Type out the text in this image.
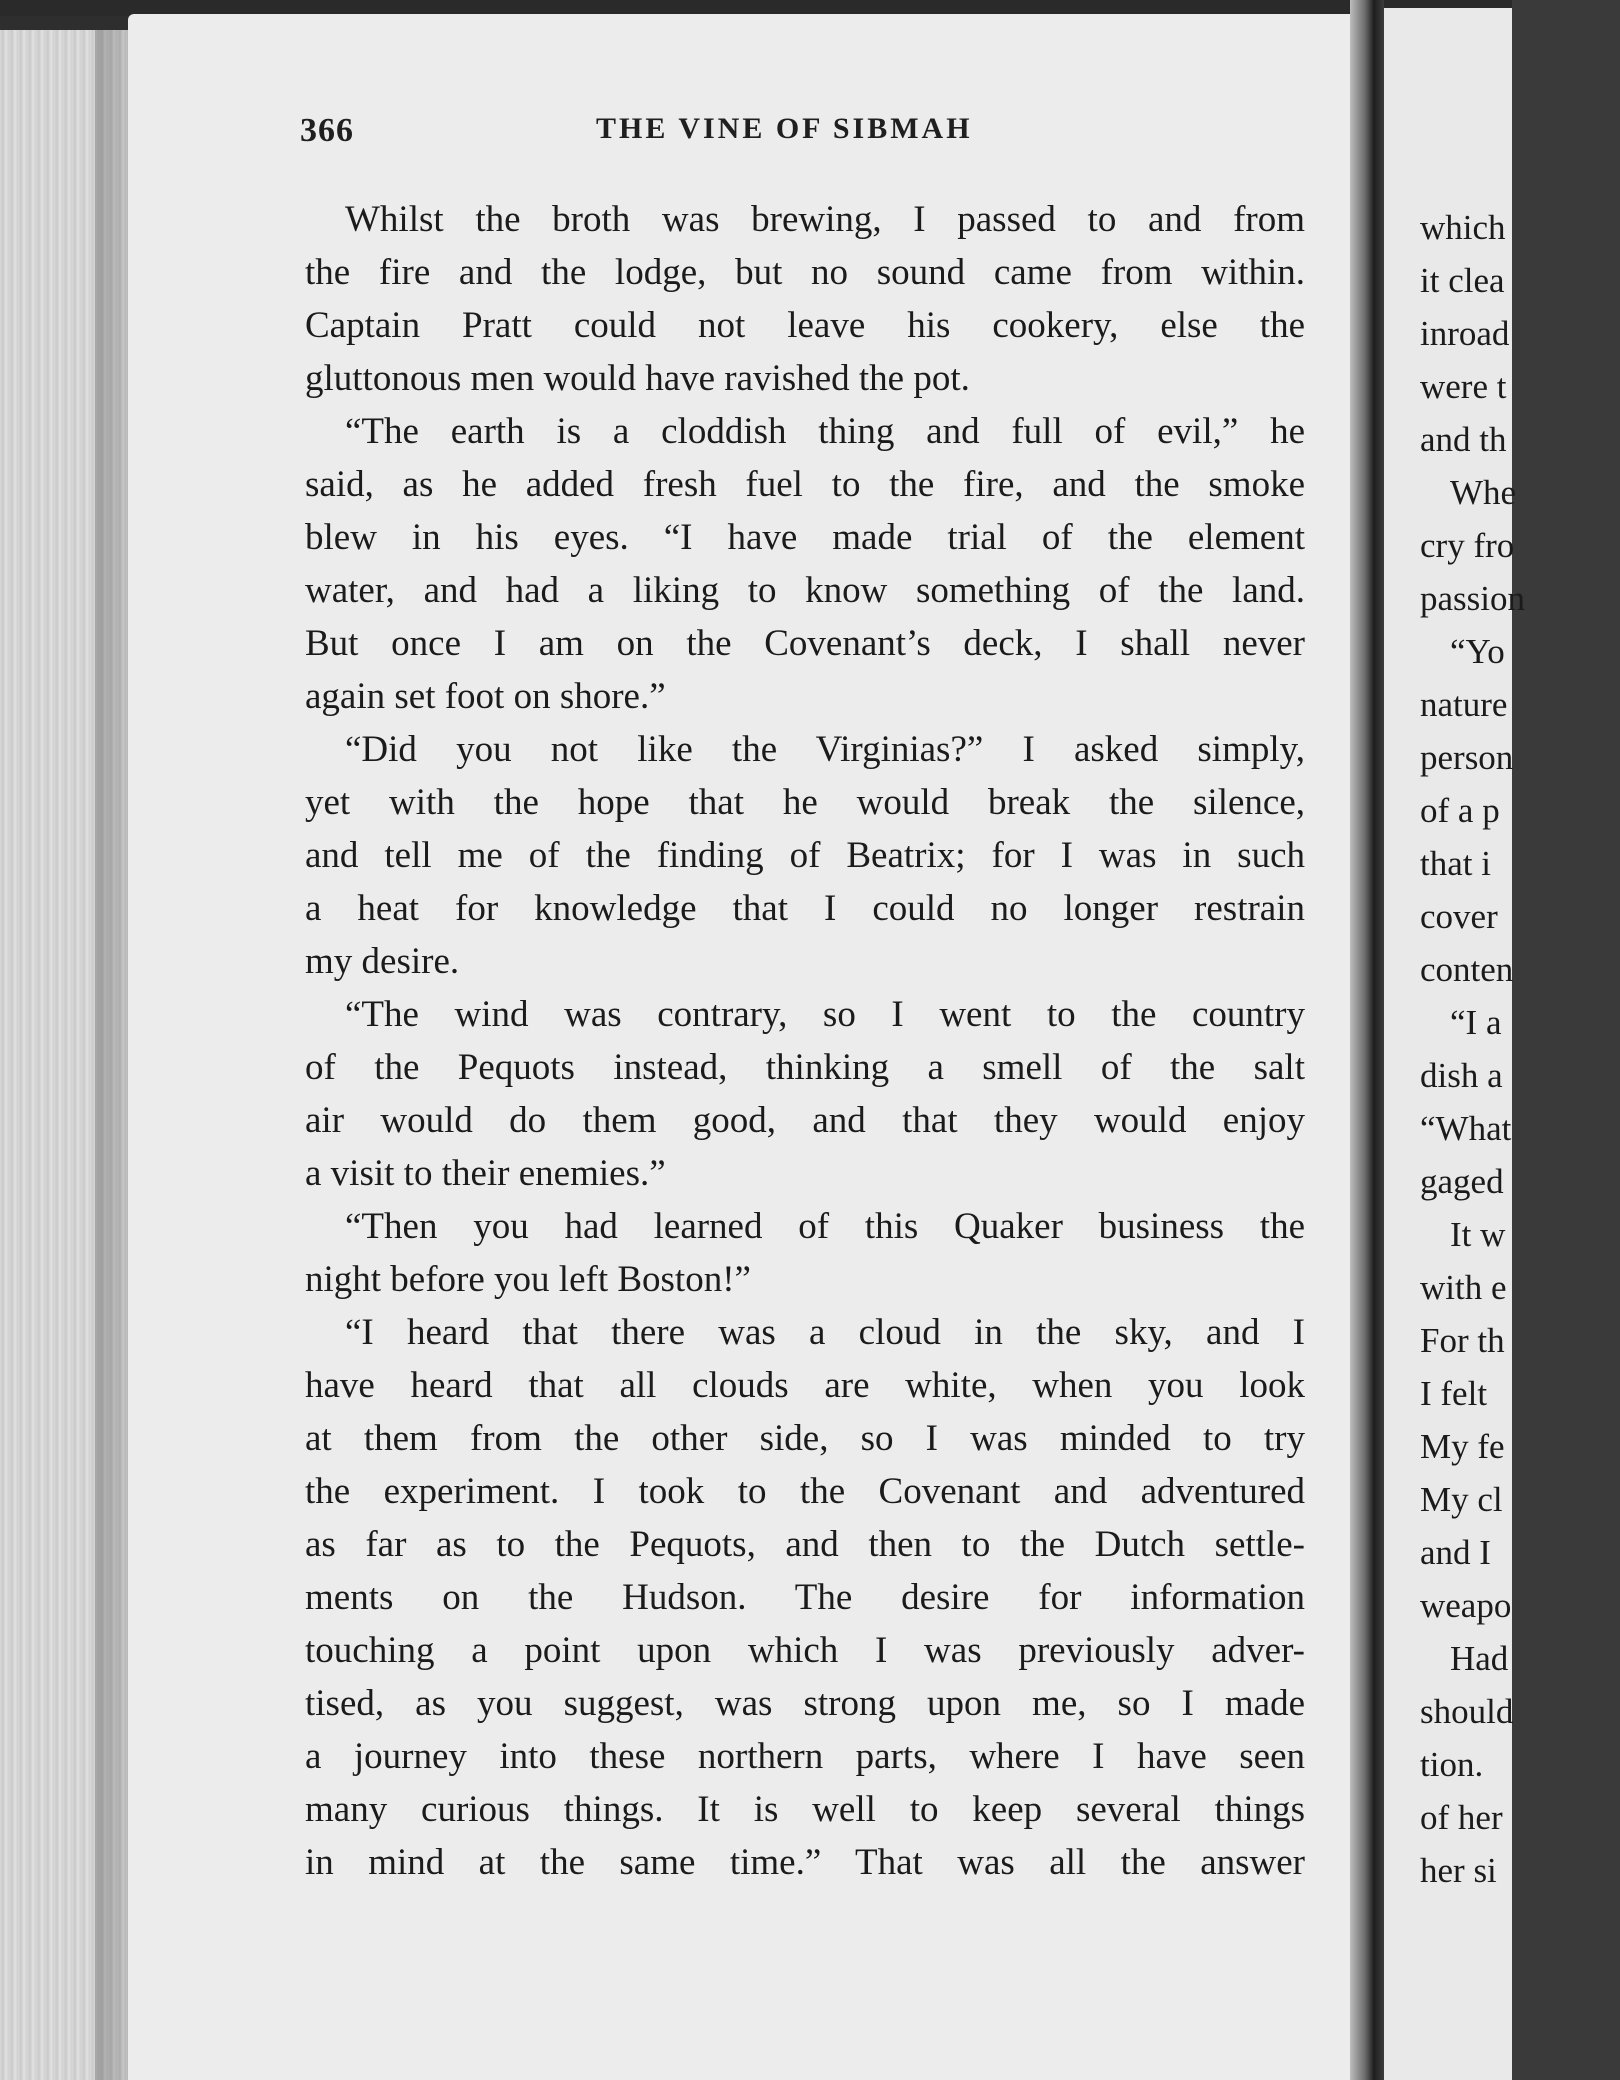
366	THE VINE OF SIBMAH
Whilst the broth was brewing, I passed to and from
the fire and the lodge, but no sound came from within.
Captain Pratt could not leave his cookery, else the
gluttonous men would have ravished the pot.
“The earth is a cloddish thing and full of evil,” he
said, as he added fresh fuel to the fire, and the smoke
blew in his eyes. “I have made trial of the element
water, and had a liking to know something of the land.
But once I am on the Covenant’s deck, I shall never
again set foot on shore.”
“Did you not like the Virginias?” I asked simply,
yet with the hope that he would break the silence,
and tell me of the finding of Beatrix; for I was in such
a heat for knowledge that I could no longer restrain
my desire.
“The wind was contrary, so I went to the country
of the Pequots instead, thinking a smell of the salt
air would do them good, and that they would enjoy
a visit to their enemies.”
“Then you had learned of this Quaker business the
night before you left Boston!”
“I heard that there was a cloud in the sky, and I
have heard that all clouds are white, when you look
at them from the other side, so I was minded to try
the experiment. I took to the Covenant and adventured
as far as to the Pequots, and then to the Dutch settle-
ments on the Hudson. The desire for information
touching a point upon which I was previously adver-
tised, as you suggest, was strong upon me, so I made
a journey into these northern parts, where I have seen
many curious things. It is well to keep several things
in mind at the same time.” That was all the answer
which
it clea
inroad
were t
and th
Whe
cry fro
passion
“Yo
nature
person
of a p
that i
cover
conten
“I a
dish a
“What
gaged
It w
with e
For th
I felt
My fe
My cl
and I
weapo
Had
should
tion.
of her
her si
